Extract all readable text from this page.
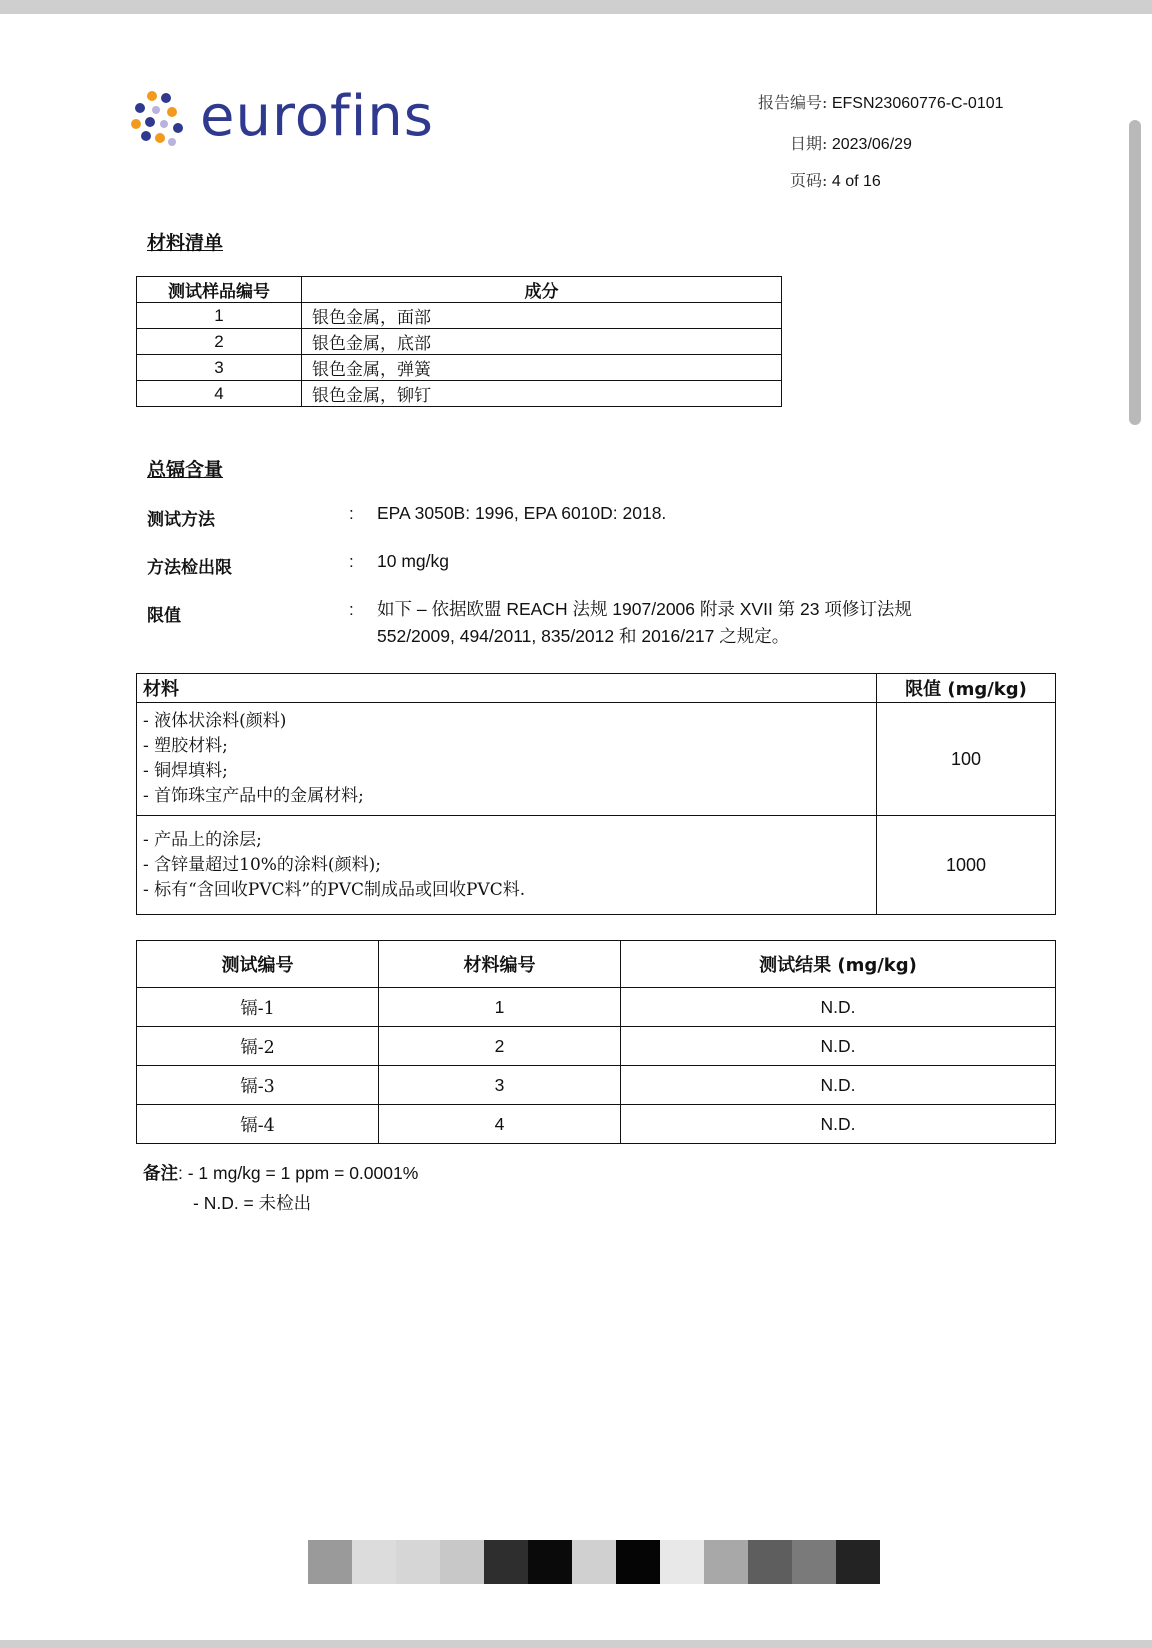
eurofins	报告编号: EFSN23060776-C-0101
日期: 2023/06/29
页码: 4 of 16
材料清单
测试样品编号	成分
1	银色金属，面部
2	银色金属，底部
3	银色金属，弹簧
4	银色金属，铆钉
总镉含量
测试方法	: EPA 3050B: 1996, EPA 6010D: 2018.
方法检出限	: 10 mg/kg
限值	: 如下 – 依据欧盟 REACH 法规 1907/2006 附录 XVII 第 23 项修订法规
552/2009, 494/2011, 835/2012 和 2016/217 之规定。
材料	限值 (mg/kg)

- 液体状涂料(颜料)
- 塑胶材料;
- 铜焊填料;
- 首饰珠宝产品中的金属材料;	100

- 产品上的涂层;
- 含锌量超过10%的涂料(颜料);
- 标有“含回收PVC料”的PVC制成品或回收PVC料.	1000
测试编号	材料编号	测试结果 (mg/kg)
镉-1	1	N.D.
镉-2	2	N.D.
镉-3	3	N.D.
镉-4	4	N.D.
备注: - 1 mg/kg = 1 ppm = 0.0001%
- N.D. = 未检出
